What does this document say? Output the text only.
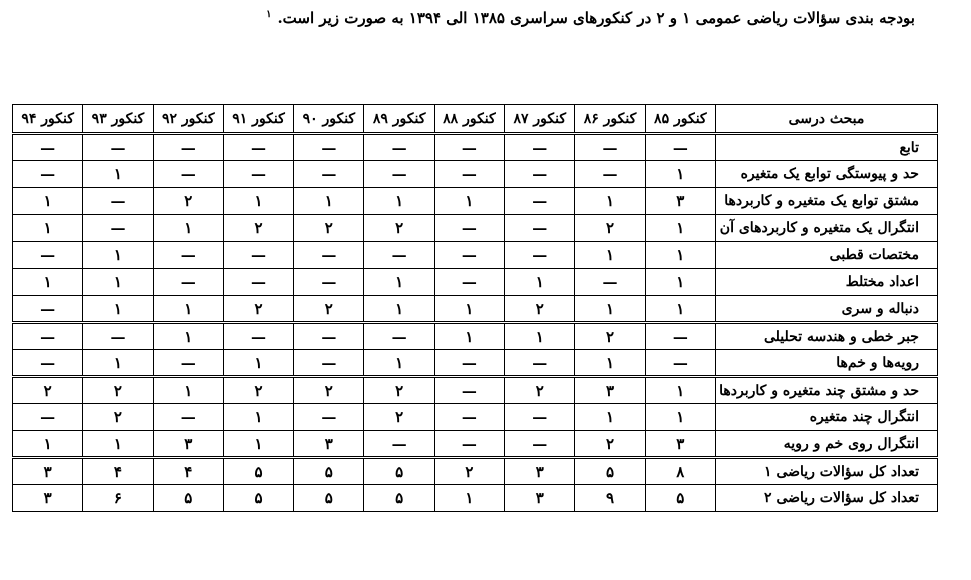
بودجه بندی سؤالات ریاضی عمومی ۱ و ۲ در کنکورهای سراسری ۱۳۸۵ الی ۱۳۹۴ به صورت زیر است.$^۱$
مبحث درسی	کنکور ۸۵	کنکور ۸۶	کنکور ۸۷	کنکور ۸۸	کنکور ۸۹	کنکور ۹۰	کنکور ۹۱	کنکور ۹۲	کنکور ۹۳	کنکور ۹۴
تابع	—	—	—	—	—	—	—	—	—	—
حد و پیوستگی توابع یک متغیره	۱	—	—	—	—	—	—	—	۱	—
مشتق توابع یک متغیره و کاربردها	۳	۱	—	۱	۱	۱	۱	۲	—	۱
انتگرال یک متغیره و کاربردهای آن	۱	۲	—	—	۲	۲	۲	۱	—	۱
مختصات قطبی	۱	۱	—	—	—	—	—	—	۱	—
اعداد مختلط	۱	—	۱	—	۱	—	—	—	۱	۱
دنباله و سری	۱	۱	۲	۱	۱	۲	۲	۱	۱	—
جبر خطی و هندسه تحلیلی	—	۲	۱	۱	—	—	—	۱	—	—
رویه‌ها و خم‌ها	—	۱	—	—	۱	—	۱	—	۱	—
حد و مشتق چند متغیره و کاربردها	۱	۳	۲	—	۲	۲	۲	۱	۲	۲
انتگرال چند متغیره	۱	۱	—	—	۲	—	۱	—	۲	—
انتگرال روی خم و رویه	۳	۲	—	—	—	۳	۱	۳	۱	۱
تعداد کل سؤالات ریاضی ۱	۸	۵	۳	۲	۵	۵	۵	۴	۴	۳
تعداد کل سؤالات ریاضی ۲	۵	۹	۳	۱	۵	۵	۵	۵	۶	۳
